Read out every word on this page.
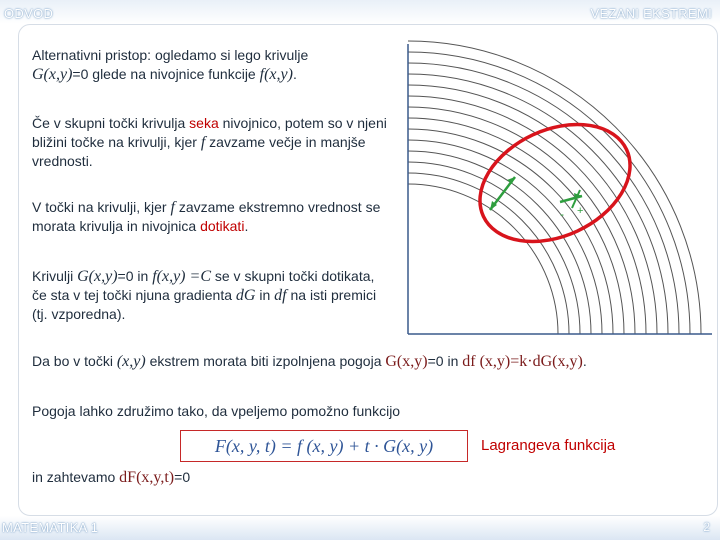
ODVOD	VEZANI EKSTREMI
- +
Alternativni pristop: ogledamo si lego krivulje
G(x,y)=0 glede na nivojnice funkcije f(x,y).
Če v skupni točki krivulja seka nivojnico, potem so v njeni bližini točke na krivulji, kjer f zavzame večje in manjše vrednosti.
V točki na krivulji, kjer f zavzame ekstremno vrednost se morata krivulja in nivojnica dotikati.
Krivulji G(x,y)=0 in f(x,y) =C se v skupni točki dotikata, če sta v tej točki njuna gradienta dG in df na isti premici (tj. vzporedna).
Da bo v točki (x,y) ekstrem morata biti izpolnjena pogoja G(x,y)=0 in df (x,y)=k·dG(x,y).
Pogoja lahko združimo tako, da vpeljemo pomožno funkcijo
F(x, y, t) = f (x, y) + t · G(x, y)	Lagrangeva funkcija
in zahtevamo dF(x,y,t)=0
MATEMATIKA 1	2
